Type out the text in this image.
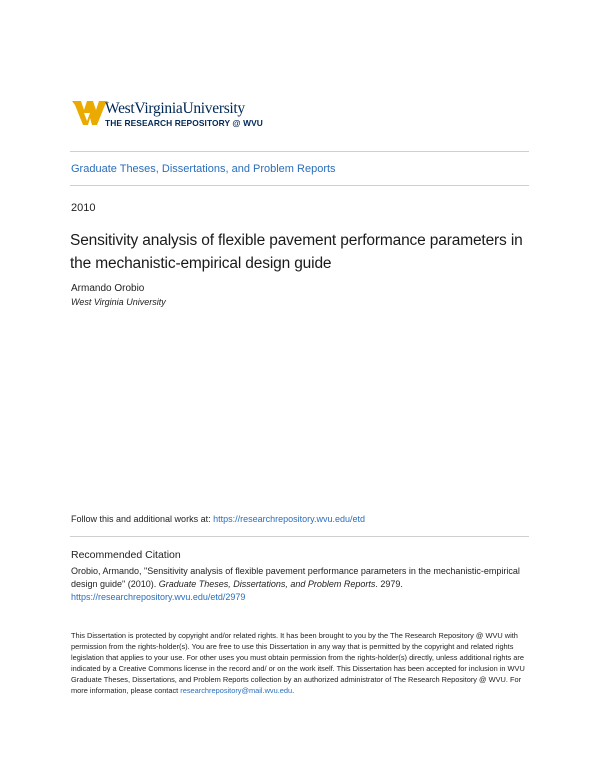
WestVirginiaUniversity
THE RESEARCH REPOSITORY @ WVU
Graduate Theses, Dissertations, and Problem Reports
2010
Sensitivity analysis of flexible pavement performance parameters in the mechanistic-empirical design guide
Armando Orobio
West Virginia University
Follow this and additional works at: https://researchrepository.wvu.edu/etd
Recommended Citation
Orobio, Armando, "Sensitivity analysis of flexible pavement performance parameters in the mechanistic-empirical design guide" (2010). Graduate Theses, Dissertations, and Problem Reports. 2979.
https://researchrepository.wvu.edu/etd/2979
This Dissertation is protected by copyright and/or related rights. It has been brought to you by the The Research Repository @ WVU with permission from the rights-holder(s). You are free to use this Dissertation in any way that is permitted by the copyright and related rights legislation that applies to your use. For other uses you must obtain permission from the rights-holder(s) directly, unless additional rights are indicated by a Creative Commons license in the record and/ or on the work itself. This Dissertation has been accepted for inclusion in WVU Graduate Theses, Dissertations, and Problem Reports collection by an authorized administrator of The Research Repository @ WVU. For more information, please contact researchrepository@mail.wvu.edu.
